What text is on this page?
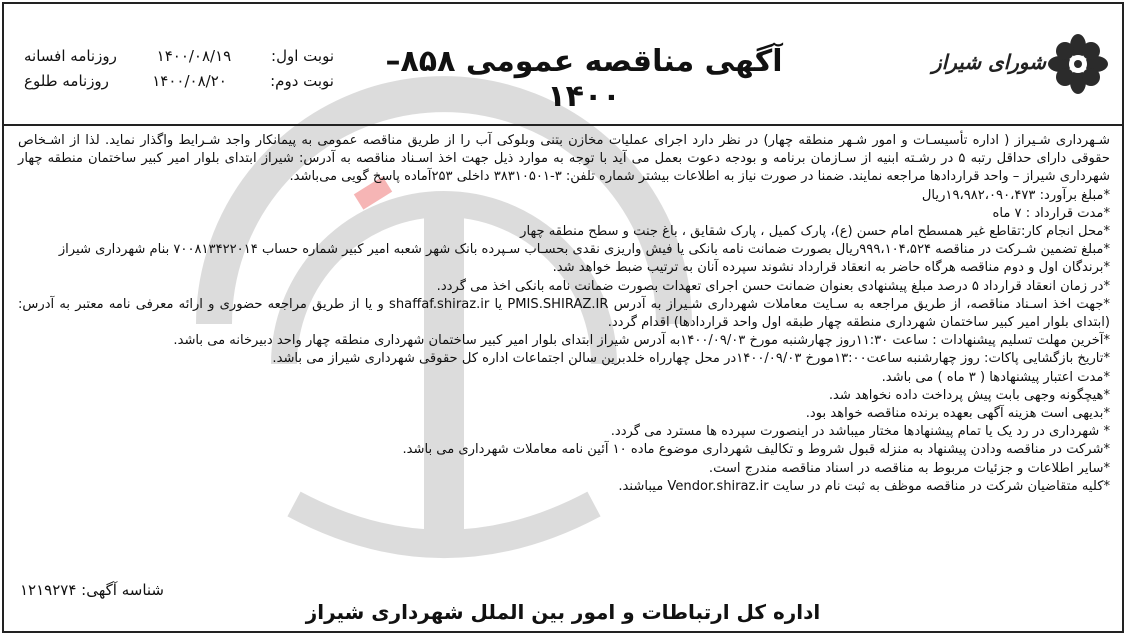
شورای شیراز
آگهی مناقصه عمومی ۸۵۸–۱۴۰۰
نوبت اول:
۱۴۰۰/۰۸/۱۹
روزنامه افسانه
نوبت دوم:
۱۴۰۰/۰۸/۲۰
روزنامه طلوع

شـهرداری شـیراز ( اداره تأسیسـات و امور شـهر منطقه چهار) در نظر دارد اجرای عملیات مخازن بتنی وبلوکی آب را از طریق مناقصه عمومی به پیمانکار واجد شـرایط واگذار نماید. لذا از اشـخاص حقوقی دارای حداقل رتبه ۵ در رشـته ابنیه از سـازمان برنامه و بودجه دعوت بعمل می آید با توجه به موارد ذیل جهت اخذ اسـناد مناقصه به آدرس: شیراز ابتدای بلوار امیر کبیر ساختمان منطقه چهار شهرداری شیراز – واحد قراردادها مراجعه نمایند. ضمنا در صورت نیاز به اطلاعات بیشتر شماره تلفن: ۳-۳۸۳۱۰۵۰۱ داخلی ۲۵۳آماده پاسخ گویی می‌باشد.

*مبلغ برآورد: ۱۹،۹۸۲،۰۹۰،۴۷۳ریال

*مدت قرارداد : ۷ ماه

*محل انجام کار:تقاطع غیر همسطح امام حسن (ع)، پارک کمیل ، پارک شقایق ، باغ جنت و سطح منطقه چهار

*مبلغ تضمین شـرکت در مناقصه ۹۹۹،۱۰۴،۵۲۴ریال بصورت ضمانت نامه بانکی یا فیش واریزی نقدی بحسـاب سـپرده بانک شهر شعبه امیر کبیر شماره حساب ۷۰۰۸۱۳۴۲۲۰۱۴ بنام شهرداری شیراز

*برندگان اول و دوم مناقصه هرگاه حاضر به انعقاد قرارداد نشوند سپرده آنان به ترتیب ضبط خواهد شد.

*در زمان انعقاد قرارداد ۵ درصد مبلغ پیشنهادی بعنوان ضمانت حسن اجرای تعهدات بصورت ضمانت نامه بانکی اخذ می گردد.

*جهت اخذ اسـناد مناقصه، از طریق مراجعه به سـایت معاملات شهرداری شـیراز به آدرس PMIS.SHIRAZ.IR یا shaffaf.shiraz.ir و یا از طریق مراجعه حضوری و ارائه معرفی نامه معتبر به آدرس: (ابتدای بلوار امیر کبیر ساختمان شهرداری منطقه چهار طبقه اول واحد قراردادها) اقدام گردد.

*آخرین مهلت تسلیم پیشنهادات : ساعت ۱۱:۳۰روز چهارشنبه مورخ ۱۴۰۰/۰۹/۰۳به آدرس شیراز ابتدای بلوار امیر کبیر ساختمان شهرداری منطقه چهار واحد دبیرخانه می باشد.

*تاریخ بازگشایی پاکات: روز چهارشنبه ساعت۱۳:۰۰مورخ ۱۴۰۰/۰۹/۰۳در محل چهارراه خلدبرین سالن اجتماعات اداره کل حقوقی شهرداری شیراز می باشد.

*مدت اعتبار پیشنهادها ( ۳ ماه ) می باشد.

*هیچگونه وجهی بابت پیش پرداخت داده نخواهد شد.

*بدیهی است هزینه آگهی بعهده برنده مناقصه خواهد بود.

* شهرداری در رد یک یا تمام پیشنهادها مختار میباشد در اینصورت سپرده ها مسترد می گردد.

*شرکت در مناقصه ودادن پیشنهاد به منزله قبول شروط و تکالیف شهرداری موضوع ماده ۱۰ آئین نامه معاملات شهرداری می باشد.

*سایر اطلاعات و جزئیات مربوط به مناقصه در اسناد مناقصه مندرج است.

*کلیه متقاضیان شرکت در مناقصه موظف به ثبت نام در سایت Vendor.shiraz.ir میباشند.

شناسه آگهی: ۱۲۱۹۲۷۴
اداره کل ارتباطات و امور بین الملل شهرداری شیراز
